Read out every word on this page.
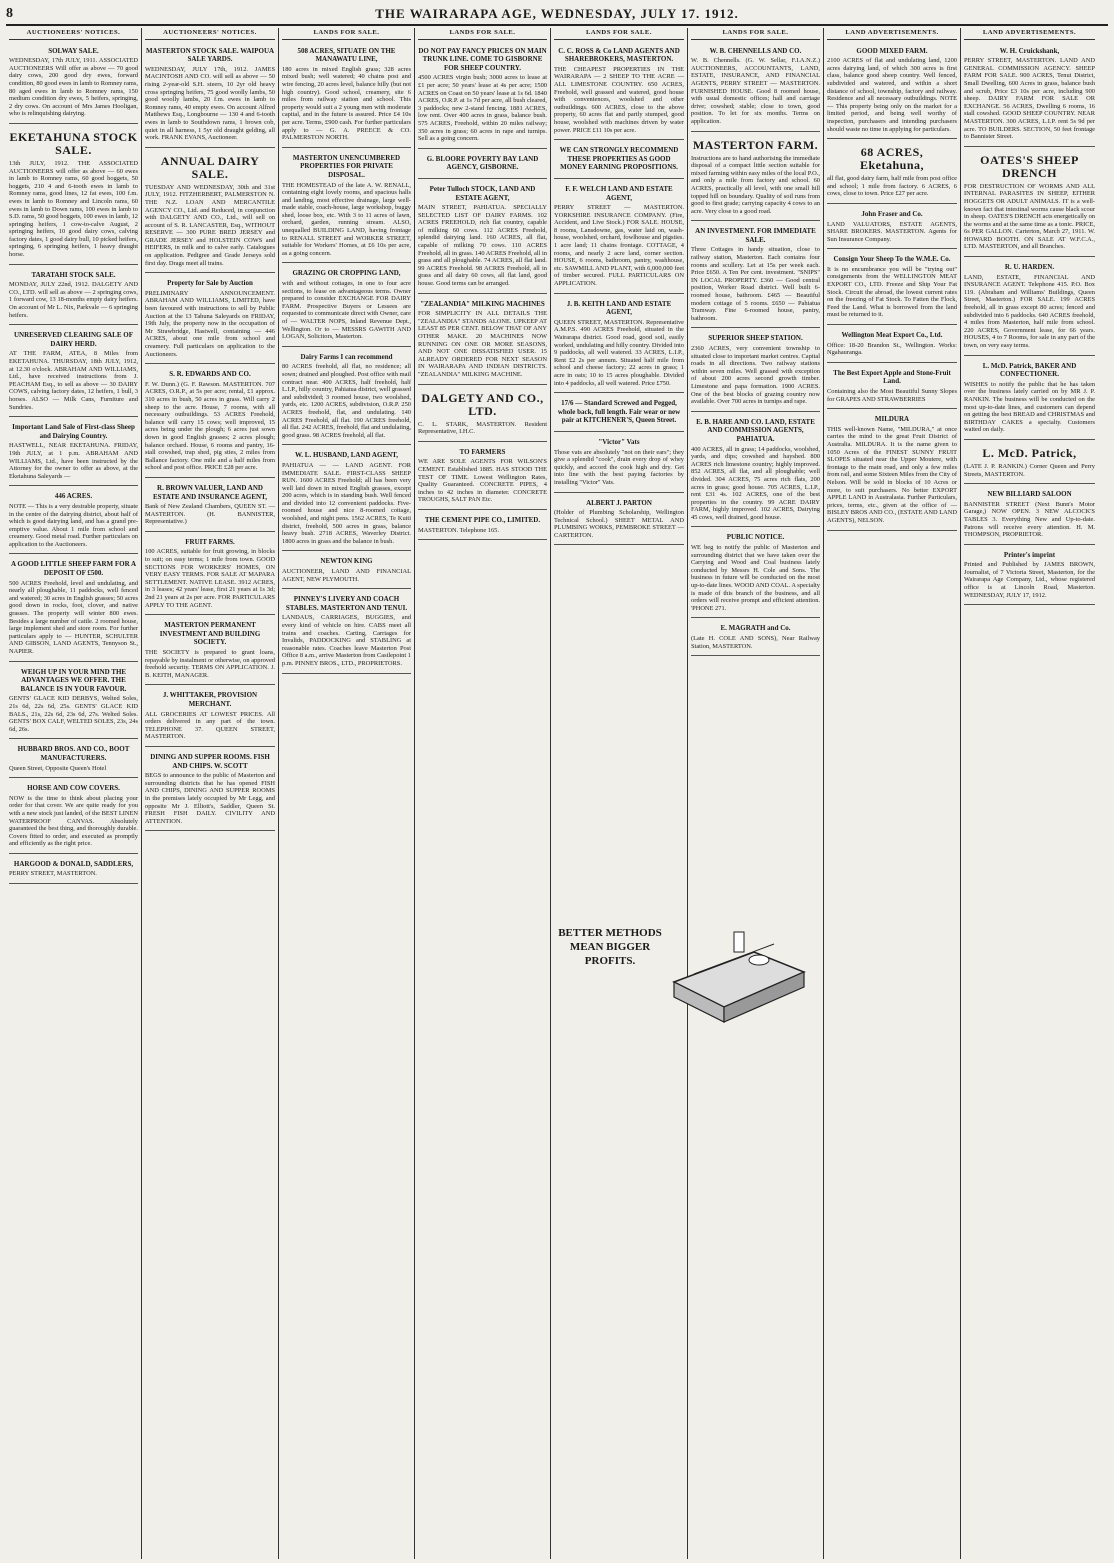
8	THE WAIRARAPA AGE, WEDNESDAY, JULY 17. 1912.
AUCTIONEERS' NOTICES.
SOLWAY SALE.
WEDNESDAY, 17th JULY, 1911. ASSOCIATED AUCTIONEERS Will offer as above — 70 good dairy cows, 200 good dry ewes, forward condition, 80 good ewes in lamb to Romney rams, 80 aged ewes in lamb to Romney rams, 150 medium condition dry ewes, 5 heifers, springing, 2 dry cows. On account of Mrs James Hooligan, who is relinquishing dairying.
EKETAHUNA STOCK SALE.
13th JULY, 1912. THE ASSOCIATED AUCTIONEERS will offer as above — 60 ewes in lamb to Romney rams, 60 good hoggets, 50 hoggets, 210 4 and 6-tooth ewes in lamb to Romney rams, good lines, 12 fat ewes, 100 f.m. ewes in lamb to Romney and Lincoln rams, 60 ewes in lamb to Down rams, 100 ewes in lamb to S.D. rams, 50 good hoggets, 100 ewes in lamb, 12 springing heifers, 1 cow-to-calve August, 2 springing heifers, 10 good dairy cows, calving factory dates, 1 good dairy bull, 10 picked heifers, springing, 6 springing heifers, 1 heavy draught horse.
TARATAHI STOCK SALE.
MONDAY, JULY 22nd, 1912. DALGETY AND CO., LTD. will sell as above — 2 springing cows, 1 forward cow, 13 18-months empty dairy heifers. On account of Mr L. Nix, Parkvale — 6 springing heifers.
UNRESERVED CLEARING SALE OF DAIRY HERD.
AT THE FARM, ATEA, 8 Miles from EKETAHUNA. THURSDAY, 18th JULY, 1912, at 12.30 o'clock. ABRAHAM AND WILLIAMS, Ltd., have received instructions from J. PEACHAM Esq., to sell as above — 30 DAIRY COWS, calving factory dates, 12 heifers, 1 bull, 3 horses. ALSO — Milk Cans, Furniture and Sundries.
Important Land Sale of First-class Sheep and Dairying Country.
HASTWELL, NEAR EKETAHUNA. FRIDAY, 19th JULY, at 1 p.m. ABRAHAM AND WILLIAMS, Ltd., have been instructed by the Attorney for the owner to offer as above, at the Eketahuna Saleyards —
446 ACRES.
NOTE — This is a very desirable property, situate in the centre of the dairying district, about half of which is good dairying land, and has a grand pre-emptive value. About 1 mile from school and creamery. Good metal road. Further particulars on application to the Auctioneers.
A GOOD LITTLE SHEEP FARM FOR A DEPOSIT OF £500.
500 ACRES Freehold, level and undulating, and nearly all ploughable, 11 paddocks, well fenced and watered; 30 acres in English grasses; 50 acres good down in rocks, foot, clover, and native grasses. The property will winter 800 ewes. Besides a large number of cattle. 2 roomed house, large implement shed and store room. For further particulars apply to — HUNTER, SCHULTER AND GIBSON, LAND AGENTS, Tennyson St., NAPIER.
WEIGH UP IN YOUR MIND THE ADVANTAGES WE OFFER. THE BALANCE IS IN YOUR FAVOUR.
GENTS' GLACE KID DERBYS, Welted Soles, 21s 6d, 22s 6d, 25s. GENTS' GLACE KID BALS., 21s, 22s 6d, 23s 6d, 27s. Welted Soles. GENTS' BOX CALF, WELTED SOLES, 23s, 24s 6d, 26s.
HUBBARD BROS. AND CO., BOOT MANUFACTURERS.
Queen Street, Opposite Queen's Hotel
HORSE AND COW COVERS.
NOW is the time to think about placing your order for that cover. We are quite ready for you with a new stock just landed, of the BEST LINEN WATERPROOF CANVAS. Absolutely guaranteed the best thing, and thoroughly durable. Covers fitted to order, and executed as promptly and efficiently as the right price.
HARGOOD & DONALD, SADDLERS,
PERRY STREET, MASTERTON.
AUCTIONEERS' NOTICES.
MASTERTON STOCK SALE. WAIPOUA SALE YARDS.
WEDNESDAY, JULY 17th, 1912. JAMES MACINTOSH AND CO. will sell as above — 50 rising 2-year-old S.H. steers, 10 2yr old heavy cross springing heifers, 75 good woolly lambs, 50 good woolly lambs, 20 f.m. ewes in lamb to Romney rams, 40 empty ewes. On account Alfred Matthews Esq., Longbourne — 130 4 and 6-tooth ewes in lamb to Southdown rams, 1 brown cob, quiet in all harness, 1 5yr old draught gelding, all work. FRANK EVANS, Auctioneer.
ANNUAL DAIRY SALE.
TUESDAY AND WEDNESDAY, 30th and 31st JULY, 1912. FITZHERBERT, PALMERSTON N. THE N.Z. LOAN AND MERCANTILE AGENCY CO., Ltd. and Reduced, in conjunction with DALGETY AND CO., Ltd., will sell on account of S. R. LANCASTER, Esq., WITHOUT RESERVE — 300 PURE BRED JERSEY and GRADE JERSEY and HOLSTEIN COWS and HEIFERS, in milk and to calve early. Catalogues on application. Pedigree and Grade Jerseys sold first day. Drags meet all trains.
Property for Sale by Auction
PRELIMINARY ANNOUNCEMENT. ABRAHAM AND WILLIAMS, LIMITED, have been favoured with instructions to sell by Public Auction at the 13 Tahuna Saleyards on FRIDAY, 19th July, the property now in the occupation of Mr Strawbridge, Hastwell, containing — 446 ACRES, about one mile from school and creamery. Full particulars on application to the Auctioneers.
S. R. EDWARDS AND CO.
F. W. Dunn.) (G. F. Rawson. MASTERTON. 707 ACRES, O.R.P., at 5s per acre; rental, £1 approx. 310 acres in bush, 50 acres in grass. Will carry 2 sheep to the acre. House, 7 rooms, with all necessary outbuildings. 53 ACRES Freehold, balance will carry 15 cows; well improved, 15 acres being under the plough; 6 acres just sown down in good English grasses; 2 acres plough; balance orchard. House, 6 rooms and pantry, 16-stall cowshed, trap shed, pig sties, 2 miles from Ballance factory. One mile and a half miles from school and post office. PRICE £28 per acre.
R. BROWN VALUER, LAND AND ESTATE AND INSURANCE AGENT,
Bank of New Zealand Chambers, QUEEN ST. — MASTERTON. (H. BANNISTER, Representative.)
FRUIT FARMS.
100 ACRES, suitable for fruit growing, in blocks to suit; on easy terms; 1 mile from town. GOOD SECTIONS FOR WORKERS' HOMES, ON VERY EASY TERMS. FOR SALE AT MAPARA SETTLEMENT. NATIVE LEASE. 3912 ACRES, in 3 leases; 42 years' lease, first 21 years at 1s 3d; 2nd 21 years at 2s per acre. FOR PARTICULARS APPLY TO THE AGENT.
MASTERTON PERMANENT INVESTMENT AND BUILDING SOCIETY.
THE SOCIETY is prepared to grant loans, repayable by instalment or otherwise, on approved freehold security. TERMS ON APPLICATION. J. B. KEITH, MANAGER.
J. WHITTAKER, PROVISION MERCHANT.
ALL GROCERIES AT LOWEST PRICES. All orders delivered in any part of the town. TELEPHONE 37. QUEEN STREET, MASTERTON.
DINING AND SUPPER ROOMS. FISH AND CHIPS. W. SCOTT
BEGS to announce to the public of Masterton and surrounding districts that he has opened FISH AND CHIPS, DINING AND SUPPER ROOMS in the premises lately occupied by Mr Legg, and opposite Mr J. Elliott's, Saddler, Queen St. FRESH FISH DAILY. CIVILITY AND ATTENTION.
LANDS FOR SALE.
508 ACRES, SITUATE ON THE MANAWATU LINE,
180 acres in mixed English grass; 328 acres mixed bush; well watered; 40 chains post and wire fencing, 20 acres level, balance hilly (but not high country). Good school, creamery, site 6 miles from railway station and school. This property would suit a 2 young men with moderate capital, and in the future is assured. Price £4 10s per acre. Terms, £900 cash. For further particulars apply to — G. A. PREECE & CO. PALMERSTON NORTH.
MASTERTON UNENCUMBERED PROPERTIES FOR PRIVATE DISPOSAL.
THE HOMESTEAD of the late A. W. RENALL, containing eight lovely rooms, and spacious halls and landing, most effective drainage, large well-made stable, coach-house, large workshop, buggy shed, loose box, etc. With 3 to 11 acres of lawn, orchard, garden, running stream. ALSO, unequalled BUILDING LAND, having frontage to RENALL STREET and WORKER STREET, suitable for Workers' Homes, at £6 10s per acre, as a going concern.
GRAZING OR CROPPING LAND,
with and without cottages, in one to four acre sections, to lease on advantageous terms. Owner prepared to consider EXCHANGE FOR DAIRY FARM. Prospective Buyers or Lessees are requested to communicate direct with Owner, care of — WALTER NOPS, Inland Revenue Dept., Wellington. Or to — MESSRS GAWITH AND LOGAN, Solicitors, Masterton.
Dairy Farms I can recommend
80 ACRES freehold, all flat, no residence; all sown; drained and ploughed. Post office with mail contract near. 400 ACRES, half freehold, half L.I.P., hilly country, Pahiatua district, well grassed and subdivided; 3 roomed house, two woolshed, yards, etc. 1200 ACRES, subdivision, O.R.P. 250 ACRES freehold, flat, and undulating. 140 ACRES Freehold, all flat. 190 ACRES freehold, all flat. 242 ACRES, freehold, flat and undulating, good grass. 98 ACRES freehold, all flat.
W. L. HUSBAND, LAND AGENT,
PAHIATUA — — LAND AGENT. FOR IMMEDIATE SALE. FIRST-CLASS SHEEP RUN. 1600 ACRES Freehold; all has been very well laid down in mixed English grasses, except 200 acres, which is in standing bush. Well fenced and divided into 12 convenient paddocks. Five-roomed house and nice 8-roomed cottage, woolshed, and night pens. 1562 ACRES, Te Kuiti district, freehold, 500 acres in grass, balance heavy bush. 2718 ACRES, Waverley District. 1800 acres in grass and the balance in bush.
NEWTON KING
AUCTIONEER, LAND AND FINANCIAL AGENT, NEW PLYMOUTH.
PINNEY'S LIVERY AND COACH STABLES. MASTERTON AND TENUI.
LANDAUS, CARRIAGES, BUGGIES, and every kind of vehicle on hire. CABS meet all trains and coaches. Carting, Carriages for Invalids, PADDOCKING and STABLING at reasonable rates. Coaches leave Masterton Post Office 8 a.m., arrive Masterton from Castlepoint 1 p.m. PINNEY BROS., LTD., PROPRIETORS.
LANDS FOR SALE.
DO NOT PAY FANCY PRICES ON MAIN TRUNK LINE. COME TO GISBORNE FOR SHEEP COUNTRY.
4500 ACRES virgin bush; 3000 acres to lease at £1 per acre; 50 years' lease at 4s per acre; 1500 ACRES on Coast on 50 years' lease at 1s 6d. 1840 ACRES, O.R.P. at 1s 7d per acre, all bush cleared, 3 paddocks; new 2-stand fencing. 1881 ACRES, low rent. Over 400 acres in grass, balance bush. 575 ACRES, Freehold, within 20 miles railway; 350 acres in grass; 60 acres in rape and turnips. Sell as a going concern.
G. BLOORE POVERTY BAY LAND AGENCY, GISBORNE.
Peter Tulloch STOCK, LAND AND ESTATE AGENT,
MAIN STREET, PAHIATUA. SPECIALLY SELECTED LIST OF DAIRY FARMS. 102 ACRES FREEHOLD, rich flat country, capable of milking 60 cows. 112 ACRES Freehold, splendid dairying land. 160 ACRES, all flat, capable of milking 70 cows. 110 ACRES Freehold, all in grass. 140 ACRES Freehold, all in grass and all ploughable. 74 ACRES, all flat land. 99 ACRES Freehold. 98 ACRES Freehold, all in grass and all dairy 60 cows, all flat land, good house. Good terms can be arranged.
"ZEALANDIA" MILKING MACHINES
FOR SIMPLICITY IN ALL DETAILS THE "ZEALANDIA" STANDS ALONE. UPKEEP AT LEAST 85 PER CENT. BELOW THAT OF ANY OTHER MAKE. 20 MACHINES NOW RUNNING ON ONE OR MORE SEASONS, AND NOT ONE DISSATISFIED USER. 15 ALREADY ORDERED FOR NEXT SEASON IN WAIRARAPA AND INDIAN DISTRICTS. "ZEALANDIA" MILKING MACHINE.
DALGETY AND CO., LTD.
C. L. STARK, MASTERTON. Resident Representative, I.H.C.
TO FARMERS
WE ARE SOLE AGENTS FOR WILSON'S CEMENT. Established 1885. HAS STOOD THE TEST OF TIME. Lowest Wellington Rates, Quality Guaranteed. CONCRETE PIPES, 4 inches to 42 inches in diameter. CONCRETE TROUGHS, SALT PAN Etc.
THE CEMENT PIPE CO., LIMITED.
MASTERTON. Telephone 165.
LANDS FOR SALE.
C. C. ROSS & Co LAND AGENTS AND SHAREBROKERS, MASTERTON.
THE CHEAPEST PROPERTIES IN THE WAIRARAPA — 2 SHEEP TO THE ACRE — ALL LIMESTONE COUNTRY. 650 ACRES, Freehold, well grassed and watered, good house with conveniences, woolshed and other outbuildings. 600 ACRES, close to the above property, 60 acres flat and partly stumped, good house, woolshed with machines driven by water power. PRICE £11 10s per acre.
WE CAN STRONGLY RECOMMEND THESE PROPERTIES AS GOOD MONEY EARNING PROPOSITIONS.
F. F. WELCH LAND AND ESTATE AGENT,
PERRY STREET — MASTERTON. YORKSHIRE INSURANCE COMPANY. (Fire, Accident, and Live Stock.) FOR SALE. HOUSE, 8 rooms, Lansdowne, gas, water laid on, wash-house, woolshed, orchard, fowlhouse and pigsties. 1 acre land; 11 chains frontage. COTTAGE, 4 rooms, and nearly 2 acre land, corner section. HOUSE, 6 rooms, bathroom, pantry, washhouse, etc. SAWMILL AND PLANT, with 6,000,000 feet of timber secured. FULL PARTICULARS ON APPLICATION.
J. B. KEITH LAND AND ESTATE AGENT,
QUEEN STREET, MASTERTON. Representative A.M.P.S. 490 ACRES Freehold, situated in the Wairarapa district. Good road, good soil, easily worked, undulating and hilly country. Divided into 9 paddocks, all well watered. 33 ACRES, L.I.P., Rent £2 2s per annum. Situated half mile from school and cheese factory; 22 acres in grass; 1 acre in oats; 10 to 15 acres ploughable. Divided into 4 paddocks, all well watered. Price £750.
17/6 — Standard Screwed and Pegged, whole back, full length. Fair wear or new pair at KITCHENER'S, Queen Street.
"Victor" Vats
Those vats are absolutely "not on their ears"; they give a splendid "cook", drain every drop of whey quickly, and accord the cook high and dry. Get into line with the best paying factories by installing "Victor" Vats.
ALBERT J. PARTON
(Holder of Plumbing Scholarship, Wellington Technical School.) SHEET METAL AND PLUMBING WORKS, PEMBROKE STREET — CARTERTON.
LANDS FOR SALE.
W. B. CHENNELLS AND CO.
W. B. Chennells. (G. W. Sellar, F.I.A.N.Z.) AUCTIONEERS, ACCOUNTANTS, LAND, ESTATE, INSURANCE, AND FINANCIAL AGENTS, PERRY STREET — MASTERTON. FURNISHED HOUSE. Good 8 roomed house, with usual domestic offices; hall and carriage drive; cowshed; stable; close to town, good position. To let for six months. Terms on application.
MASTERTON FARM.
Instructions are to hand authorising the immediate disposal of a compact little section suitable for mixed farming within easy miles of the local P.O., and only a mile from factory and school. 60 ACRES, practically all level, with one small hill topped hill on boundary. Quality of soil runs from good to first grade; carrying capacity 4 cows to an acre. Very close to a good road.
AN INVESTMENT. FOR IMMEDIATE SALE.
Three Cottages in handy situation, close to railway station, Masterton. Each contains four rooms and scullery. Let at 15s per week each. Price £650. A Ten Per cent. investment. "SNIPS" IN LOCAL PROPERTY. £360 — Good central position, Worker Road district. Well built 6-roomed house, bathroom. £465 — Beautiful modern cottage of 5 rooms. £650 — Pahiatua Tramway. Fine 6-roomed house, pantry, bathroom.
SUPERIOR SHEEP STATION.
2360 ACRES, very convenient township to situated close to important market centres. Capital roads in all directions. Two railway stations within seven miles. Well grassed with exception of about 200 acres second growth timber. Limestone and papa formation. 1900 ACRES. One of the best blocks of grazing country now available. Over 700 acres in turnips and rape.
E. B. HARE AND CO. LAND, ESTATE AND COMMISSION AGENTS, PAHIATUA.
400 ACRES, all in grass; 14 paddocks, woolshed, yards, and dips; cowshed and hayshed. 800 ACRES rich limestone country; highly improved. 852 ACRES, all flat, and all ploughable; well divided. 304 ACRES, 75 acres rich flats, 200 acres in grass; good house. 705 ACRES, L.I.P., rent £31 4s. 102 ACRES, one of the best properties in the country. 99 ACRE DAIRY FARM, highly improved. 102 ACRES, Dairying 45 cows, well drained, good house.
PUBLIC NOTICE.
WE beg to notify the public of Masterton and surrounding district that we have taken over the Carrying and Wood and Coal business lately conducted by Messrs H. Cole and Sons. The business in future will be conducted on the most up-to-date lines. WOOD AND COAL. A specialty is made of this branch of the business, and all orders will receive prompt and efficient attention. 'PHONE 271.
E. MAGRATH and Co.
(Late H. COLE AND SONS), Near Railway Station, MASTERTON.
LAND ADVERTISEMENTS.
GOOD MIXED FARM.
2100 ACRES of flat and undulating land, 1200 acres dairying land, of which 300 acres is first class, balance good sheep country. Well fenced, subdivided and watered, and within a short distance of school, township, factory and railway. Residence and all necessary outbuildings. NOTE — This property being only on the market for a limited period, and being well worthy of inspection, purchasers and intending purchasers should waste no time in applying for particulars.
68 ACRES, Eketahuna,
all flat, good dairy farm, half mile from post office and school; 1 mile from factory. 6 ACRES, 6 cows, close to town. Price £27 per acre.
John Fraser and Co.
LAND VALUATORS, ESTATE AGENTS, SHARE BROKERS. MASTERTON. Agents for Sun Insurance Company.
Consign Your Sheep To the W.M.E. Co.
It is no encumbrance you will be "trying out" consignments from the WELLINGTON MEAT EXPORT CO., LTD. Freeze and Ship Your Fat Stock. Circuit the abroad, the lowest current rates on the freezing of Fat Stock. To Fatten the Flock, Feed the Land. What is borrowed from the land must be returned to it.
Wellington Meat Export Co., Ltd.
Office: 18-20 Brandon St., Wellington. Works: Ngahauranga.
The Best Export Apple and Stone-Fruit Land.
Containing also the Most Beautiful Sunny Slopes for GRAPES AND STRAWBERRIES
MILDURA
THIS well-known Name, "MILDURA," at once carries the mind to the great Fruit District of Australia. MILDURA. It is the name given to 1050 Acres of the FINEST SUNNY FRUIT SLOPES situated near the Upper Moutere, with frontage to the main road, and only a few miles from rail, and some Sixteen Miles from the City of Nelson. Will be sold in blocks of 10 Acres or more, to suit purchasers. No better EXPORT APPLE LAND in Australasia. Further Particulars, prices, terms, etc., given at the office of — BISLEY BROS AND CO., (ESTATE AND LAND AGENTS), NELSON.
LAND ADVERTISEMENTS.
W. H. Cruickshank,
PERRY STREET, MASTERTON. LAND AND GENERAL COMMISSION AGENCY. SHEEP FARM FOR SALE. 900 ACRES, Tenui District, Small Dwelling, 600 Acres in grass, balance bush and scrub, Price £3 10s per acre, including 900 sheep. DAIRY FARM FOR SALE OR EXCHANGE. 56 ACRES, Dwelling 6 rooms, 16 stall cowshed. GOOD SHEEP COUNTRY. NEAR MASTERTON. 300 ACRES, L.I.P. rent 5s 9d per acre. TO BUILDERS. SECTION, 50 feet frontage to Bannister Street.
OATES'S SHEEP DRENCH
FOR DESTRUCTION OF WORMS AND ALL INTERNAL PARASITES IN SHEEP, EITHER HOGGETS OR ADULT ANIMALS. IT is a well-known fact that intestinal worms cause black scour in sheep. OATES'S DRENCH acts energetically on the worms and at the same time as a tonic. PRICE, 6s PER GALLON. Carterton, March 27, 1911. W. HOWARD BOOTH. ON SALE AT W.F.C.A., LTD. MASTERTON, and all Branches.
R. U. HARDEN.
LAND, ESTATE, FINANCIAL AND INSURANCE AGENT. Telephone 415. P.O. Box 119. (Abraham and Williams' Buildings, Queen Street, Masterton.) FOR SALE. 199 ACRES freehold, all in grass except 80 acres; fenced and subdivided into 6 paddocks. 640 ACRES freehold, 4 miles from Masterton, half mile from school. 220 ACRES, Government lease, for 66 years. HOUSES, 4 to 7 Rooms, for sale in any part of the town, on very easy terms.
L. McD. Patrick, BAKER AND CONFECTIONER.
WISHES to notify the public that he has taken over the business lately carried on by MR J. P. RANKIN. The business will be conducted on the most up-to-date lines, and customers can depend on getting the best BREAD and CHRISTMAS and BIRTHDAY CAKES a specialty. Customers waited on daily.
L. McD. Patrick,
(LATE J. P. RANKIN.) Corner Queen and Perry Streets, MASTERTON.
NEW BILLIARD SALOON
BANNISTER STREET (Next Bunn's Motor Garage,) NOW OPEN. 3 NEW ALCOCK'S TABLES 3. Everything New and Up-to-date. Patrons will receive every attention. H. M. THOMPSON, PROPRIETOR.
Printer's imprint
Printed and Published by JAMES BROWN, Journalist, of 7 Victoria Street, Masterton, for the Wairarapa Age Company, Ltd., whose registered office is at Lincoln Road, Masterton. WEDNESDAY, JULY 17, 1912.
BETTER METHODS MEAN BIGGER PROFITS.
